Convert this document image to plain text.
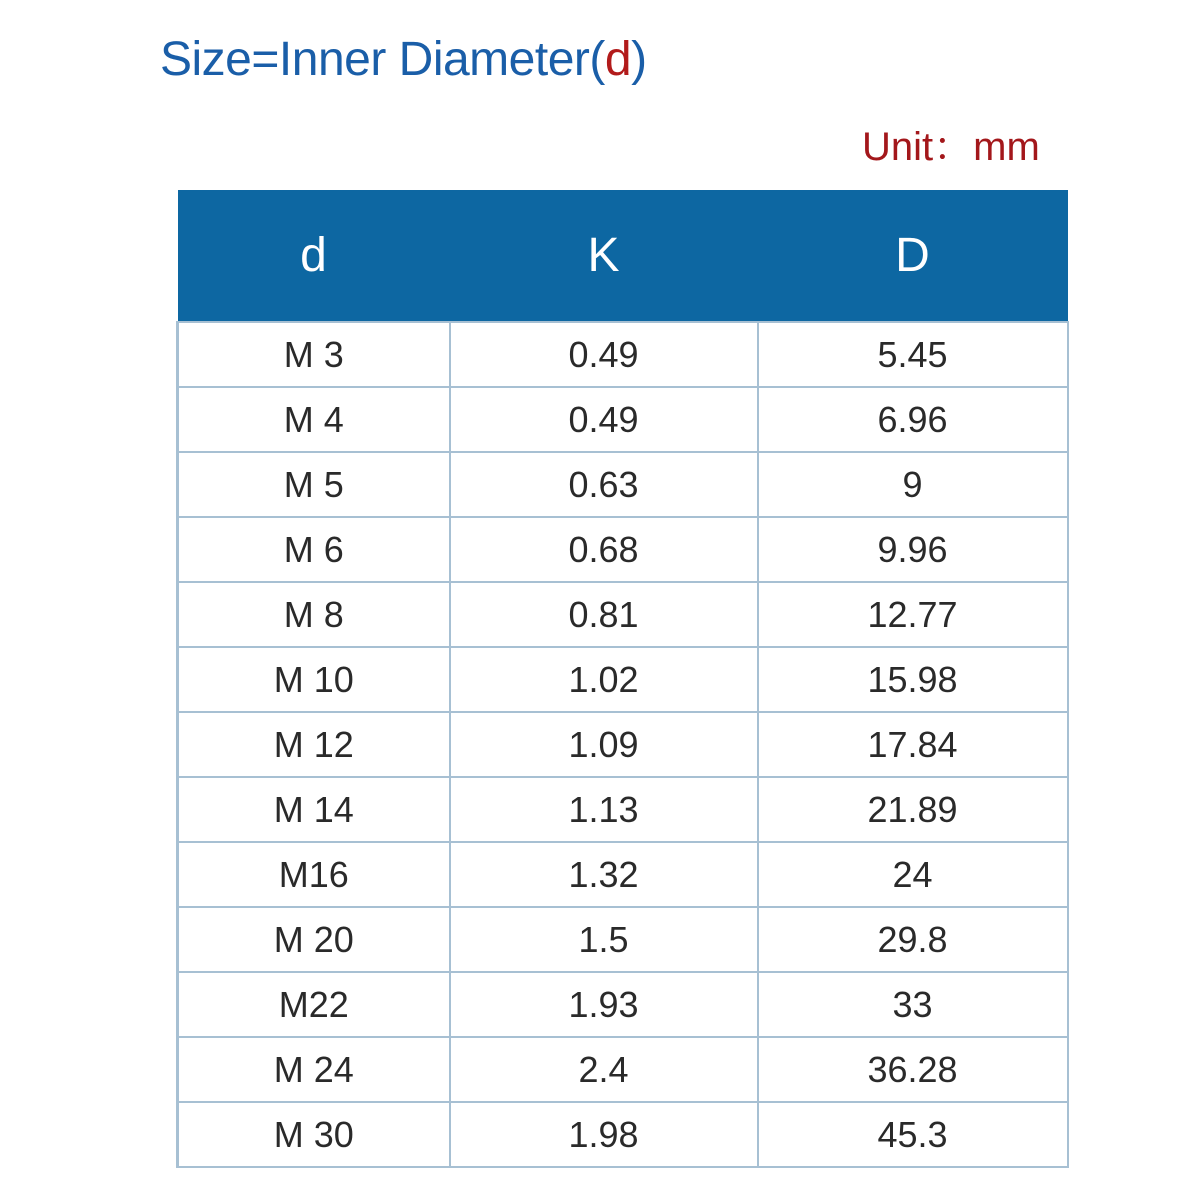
Size=Inner Diameter(d)
Unit：mm
d	K	D
M 3	0.49	5.45
M 4	0.49	6.96
M 5	0.63	9
M 6	0.68	9.96
M 8	0.81	12.77
M 10	1.02	15.98
M 12	1.09	17.84
M 14	1.13	21.89
M16	1.32	24
M 20	1.5	29.8
M22	1.93	33
M 24	2.4	36.28
M 30	1.98	45.3
